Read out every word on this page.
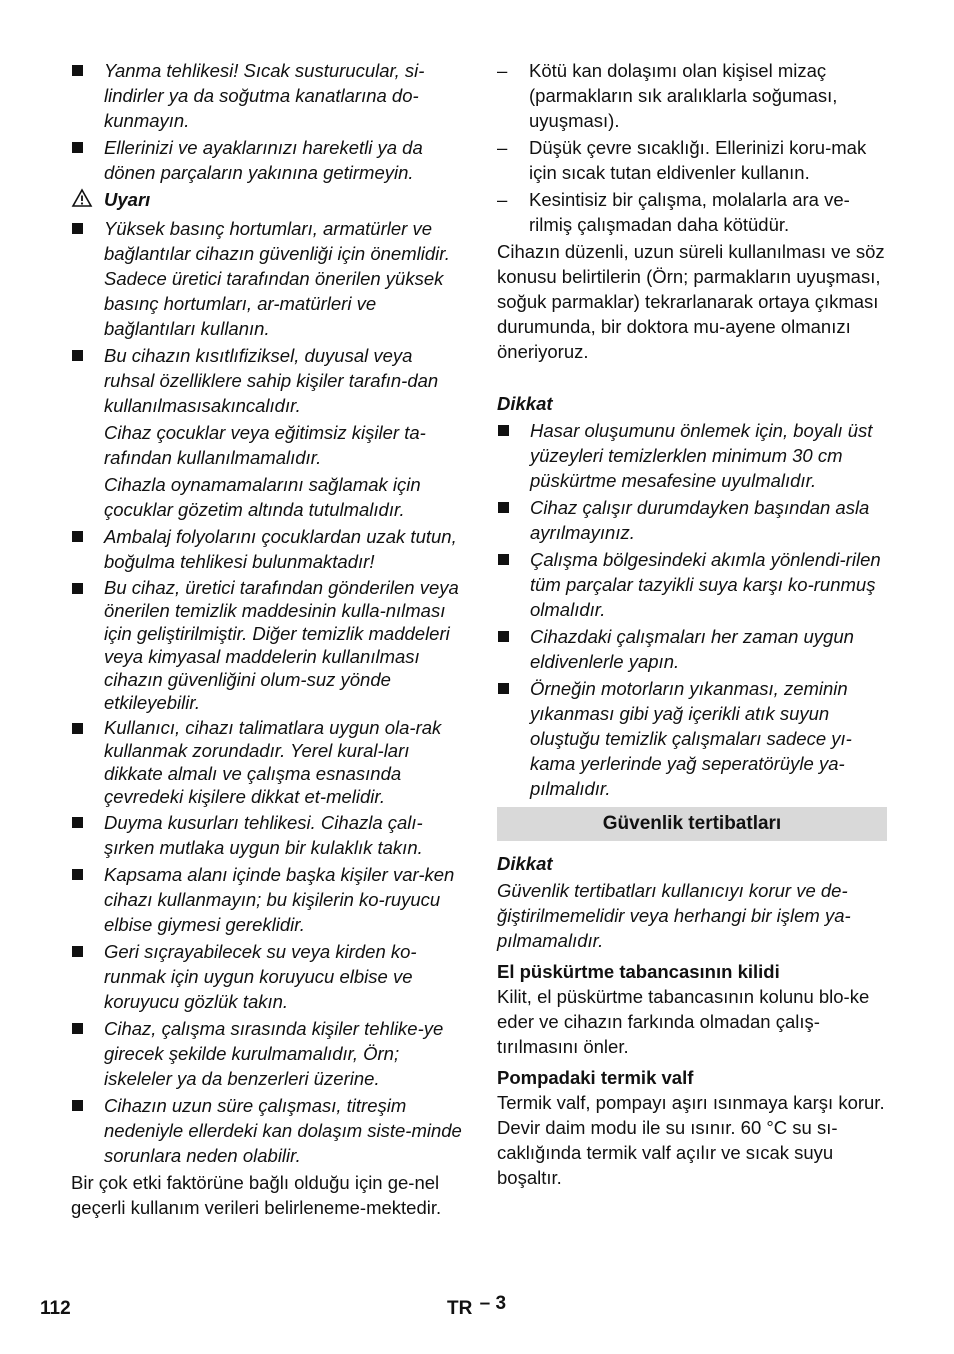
Yanma tehlikesi! Sıcak susturucular, si-lindirler ya da soğutma kanatlarına do-kunmayın.
Ellerinizi ve ayaklarınızı hareketli ya da dönen parçaların yakınına getirmeyin.
Uyarı
Yüksek basınç hortumları, armatürler ve bağlantılar cihazın güvenliği için önemlidir. Sadece üretici tarafından önerilen yüksek basınç hortumları, ar-matürleri ve bağlantıları kullanın.
Bu cihazın kısıtlıfiziksel, duyusal veya ruhsal özelliklere sahip kişiler tarafın-dan kullanılmasısakıncalıdır.
Cihaz çocuklar veya eğitimsiz kişiler ta-rafından kullanılmamalıdır.
Cihazla oynamamalarını sağlamak için çocuklar gözetim altında tutulmalıdır.
Ambalaj folyolarını çocuklardan uzak tutun, boğulma tehlikesi bulunmaktadır!
Bu cihaz, üretici tarafından gönderilen veya önerilen temizlik maddesinin kulla-nılması için geliştirilmiştir. Diğer temizlik maddeleri veya kimyasal maddelerin kullanılması cihazın güvenliğini olum-suz yönde etkileyebilir.
Kullanıcı, cihazı talimatlara uygun ola-rak kullanmak zorundadır. Yerel kural-ları dikkate almalı ve çalışma esnasında çevredeki kişilere dikkat et-melidir.
Duyma kusurları tehlikesi. Cihazla çalı-şırken mutlaka uygun bir kulaklık takın.
Kapsama alanı içinde başka kişiler var-ken cihazı kullanmayın; bu kişilerin ko-ruyucu elbise giymesi gereklidir.
Geri sıçrayabilecek su veya kirden ko-runmak için uygun koruyucu elbise ve koruyucu gözlük takın.
Cihaz, çalışma sırasında kişiler tehlike-ye girecek şekilde kurulmamalıdır, Örn; iskeleler ya da benzerleri üzerine.
Cihazın uzun süre çalışması, titreşim nedeniyle ellerdeki kan dolaşım siste-minde sorunlara neden olabilir.
Bir çok etki faktörüne bağlı olduğu için ge-nel geçerli kullanım verileri belirleneme-mektedir.
– Kötü kan dolaşımı olan kişisel mizaç (parmakların sık aralıklarla soğuması, uyuşması).
– Düşük çevre sıcaklığı. Ellerinizi koru-mak için sıcak tutan eldivenler kullanın.
– Kesintisiz bir çalışma, molalarla ara ve-rilmiş çalışmadan daha kötüdür.
Cihazın düzenli, uzun süreli kullanılması ve söz konusu belirtilerin (Örn; parmakların uyuşması, soğuk parmaklar) tekrarlanarak ortaya çıkması durumunda, bir doktora mu-ayene olmanızı öneriyoruz.
Dikkat
Hasar oluşumunu önlemek için, boyalı üst yüzeyleri temizlerklen minimum 30 cm püskürtme mesafesine uyulmalıdır.
Cihaz çalışır durumdayken başından asla ayrılmayınız.
Çalışma bölgesindeki akımla yönlendi-rilen tüm parçalar tazyikli suya karşı ko-runmuş olmalıdır.
Cihazdaki çalışmaları her zaman uygun eldivenlerle yapın.
Örneğin motorların yıkanması, zeminin yıkanması gibi yağ içerikli atık suyun oluştuğu temizlik çalışmaları sadece yı-kama yerlerinde yağ seperatörüyle ya-pılmalıdır.
Güvenlik tertibatları
Dikkat
Güvenlik tertibatları kullanıcıyı korur ve de-ğiştirilmemelidir veya herhangi bir işlem ya-pılmamalıdır.
El püskürtme tabancasının kilidi
Kilit, el püskürtme tabancasının kolunu blo-ke eder ve cihazın farkında olmadan çalış-tırılmasını önler.
Pompadaki termik valf
Termik valf, pompayı aşırı ısınmaya karşı korur.
Devir daim modu ile su ısınır. 60 °C su sı-caklığında termik valf açılır ve sıcak suyu boşaltır.
112	TR – 3
